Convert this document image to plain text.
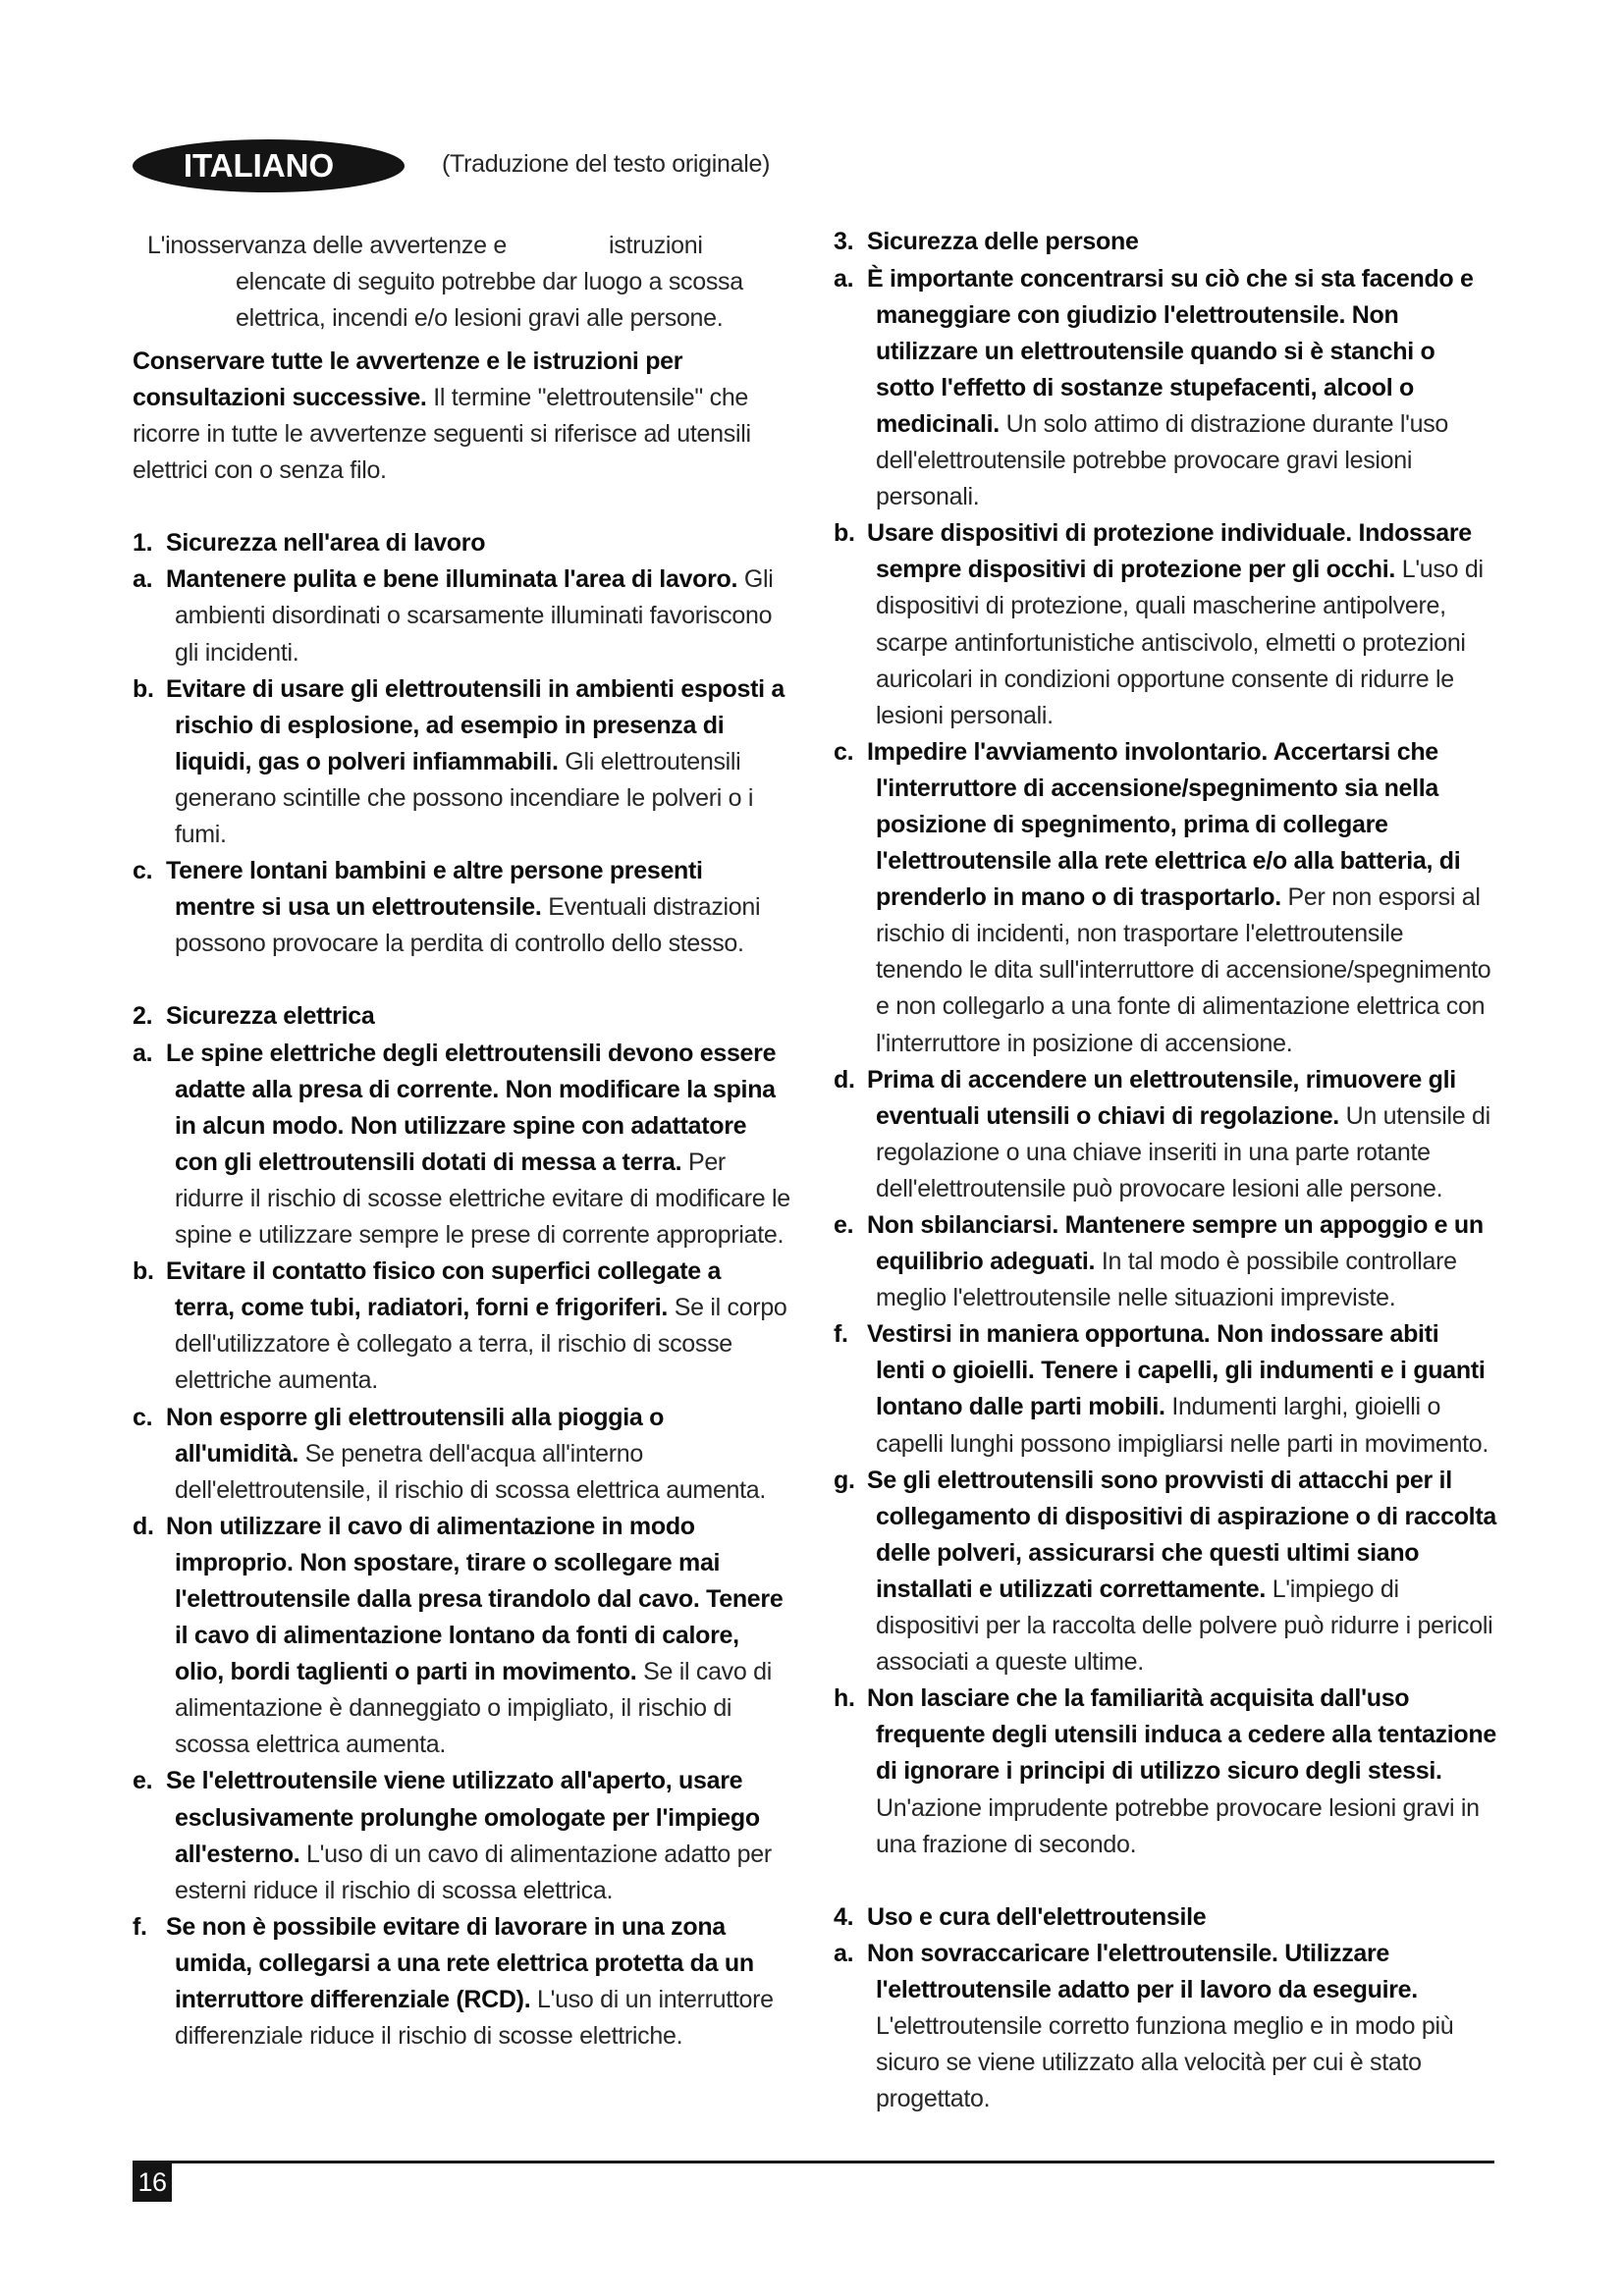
ITALIANO	(Traduzione del testo originale)
L'inosservanza delle avvertenze e	istruzioni
elencate di seguito potrebbe dar luogo a scossa
elettrica, incendi e/o lesioni gravi alle persone.
Conservare tutte le avvertenze e le istruzioni per
consultazioni successive. Il termine "elettroutensile" che
ricorre in tutte le avvertenze seguenti si riferisce ad utensili
elettrici con o senza filo.
1. Sicurezza nell'area di lavoro
a. Mantenere pulita e bene illuminata l'area di lavoro. Gli
ambienti disordinati o scarsamente illuminati favoriscono
gli incidenti.
b. Evitare di usare gli elettroutensili in ambienti esposti a
rischio di esplosione, ad esempio in presenza di
liquidi, gas o polveri infiammabili. Gli elettroutensili
generano scintille che possono incendiare le polveri o i
fumi.
c. Tenere lontani bambini e altre persone presenti
mentre si usa un elettroutensile. Eventuali distrazioni
possono provocare la perdita di controllo dello stesso.
2. Sicurezza elettrica
a. Le spine elettriche degli elettroutensili devono essere
adatte alla presa di corrente. Non modificare la spina
in alcun modo. Non utilizzare spine con adattatore
con gli elettroutensili dotati di messa a terra. Per
ridurre il rischio di scosse elettriche evitare di modificare le
spine e utilizzare sempre le prese di corrente appropriate.
b. Evitare il contatto fisico con superfici collegate a
terra, come tubi, radiatori, forni e frigoriferi. Se il corpo
dell'utilizzatore è collegato a terra, il rischio di scosse
elettriche aumenta.
c. Non esporre gli elettroutensili alla pioggia o
all'umidità. Se penetra dell'acqua all'interno
dell'elettroutensile, il rischio di scossa elettrica aumenta.
d. Non utilizzare il cavo di alimentazione in modo
improprio. Non spostare, tirare o scollegare mai
l'elettroutensile dalla presa tirandolo dal cavo. Tenere
il cavo di alimentazione lontano da fonti di calore,
olio, bordi taglienti o parti in movimento. Se il cavo di
alimentazione è danneggiato o impigliato, il rischio di
scossa elettrica aumenta.
e. Se l'elettroutensile viene utilizzato all'aperto, usare
esclusivamente prolunghe omologate per l'impiego
all'esterno. L'uso di un cavo di alimentazione adatto per
esterni riduce il rischio di scossa elettrica.
f. Se non è possibile evitare di lavorare in una zona
umida, collegarsi a una rete elettrica protetta da un
interruttore differenziale (RCD). L'uso di un interruttore
differenziale riduce il rischio di scosse elettriche.
3. Sicurezza delle persone
a. È importante concentrarsi su ciò che si sta facendo e
maneggiare con giudizio l'elettroutensile. Non
utilizzare un elettroutensile quando si è stanchi o
sotto l'effetto di sostanze stupefacenti, alcool o
medicinali. Un solo attimo di distrazione durante l'uso
dell'elettroutensile potrebbe provocare gravi lesioni
personali.
b. Usare dispositivi di protezione individuale. Indossare
sempre dispositivi di protezione per gli occhi. L'uso di
dispositivi di protezione, quali mascherine antipolvere,
scarpe antinfortunistiche antiscivolo, elmetti o protezioni
auricolari in condizioni opportune consente di ridurre le
lesioni personali.
c. Impedire l'avviamento involontario. Accertarsi che
l'interruttore di accensione/spegnimento sia nella
posizione di spegnimento, prima di collegare
l'elettroutensile alla rete elettrica e/o alla batteria, di
prenderlo in mano o di trasportarlo. Per non esporsi al
rischio di incidenti, non trasportare l'elettroutensile
tenendo le dita sull'interruttore di accensione/spegnimento
e non collegarlo a una fonte di alimentazione elettrica con
l'interruttore in posizione di accensione.
d. Prima di accendere un elettroutensile, rimuovere gli
eventuali utensili o chiavi di regolazione. Un utensile di
regolazione o una chiave inseriti in una parte rotante
dell'elettroutensile può provocare lesioni alle persone.
e. Non sbilanciarsi. Mantenere sempre un appoggio e un
equilibrio adeguati. In tal modo è possibile controllare
meglio l'elettroutensile nelle situazioni impreviste.
f. Vestirsi in maniera opportuna. Non indossare abiti
lenti o gioielli. Tenere i capelli, gli indumenti e i guanti
lontano dalle parti mobili. Indumenti larghi, gioielli o
capelli lunghi possono impigliarsi nelle parti in movimento.
g. Se gli elettroutensili sono provvisti di attacchi per il
collegamento di dispositivi di aspirazione o di raccolta
delle polveri, assicurarsi che questi ultimi siano
installati e utilizzati correttamente. L'impiego di
dispositivi per la raccolta delle polvere può ridurre i pericoli
associati a queste ultime.
h. Non lasciare che la familiarità acquisita dall'uso
frequente degli utensili induca a cedere alla tentazione
di ignorare i principi di utilizzo sicuro degli stessi.
Un'azione imprudente potrebbe provocare lesioni gravi in
una frazione di secondo.
4. Uso e cura dell'elettroutensile
a. Non sovraccaricare l'elettroutensile. Utilizzare
l'elettroutensile adatto per il lavoro da eseguire.
L'elettroutensile corretto funziona meglio e in modo più
sicuro se viene utilizzato alla velocità per cui è stato
progettato.
16
